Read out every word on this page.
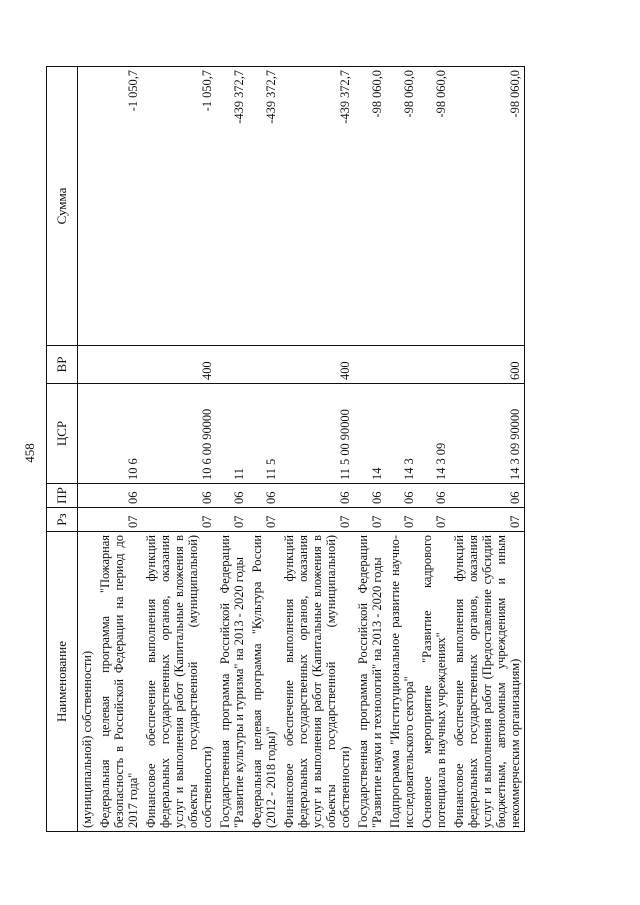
458
Наименование	Рз	ПР	ЦСР	ВР	Сумма
(муниципальной) собственности)					
Федеральная целевая программа "Пожарная безопасность в Российской Федерации на период до 2017 года"	07	06	10 6		-1 050,7
Финансовое обеспечение выполнения функций федеральных государственных органов, оказания услуг и выполнения работ (Капитальные вложения в объекты государственной (муниципальной) собственности)	07	06	10 6 00 90000	400	-1 050,7
Государственная программа Российской Федерации "Развитие культуры и туризма" на 2013 - 2020 годы	07	06	11		-439 372,7
Федеральная целевая программа "Культура России (2012 - 2018 годы)"	07	06	11 5		-439 372,7
Финансовое обеспечение выполнения функций федеральных государственных органов, оказания услуг и выполнения работ (Капитальные вложения в объекты государственной (муниципальной) собственности)	07	06	11 5 00 90000	400	-439 372,7
Государственная программа Российской Федерации "Развитие науки и технологий" на 2013 - 2020 годы	07	06	14		-98 060,0
Подпрограмма "Институциональное развитие научно-исследовательского сектора"	07	06	14 3		-98 060,0
Основное мероприятие "Развитие кадрового потенциала в научных учреждениях"	07	06	14 3 09		-98 060,0
Финансовое обеспечение выполнения функций федеральных государственных органов, оказания услуг и выполнения работ (Предоставление субсидий бюджетным, автономным учреждениям и иным некоммерческим организациям)	07	06	14 3 09 90000	600	-98 060,0
